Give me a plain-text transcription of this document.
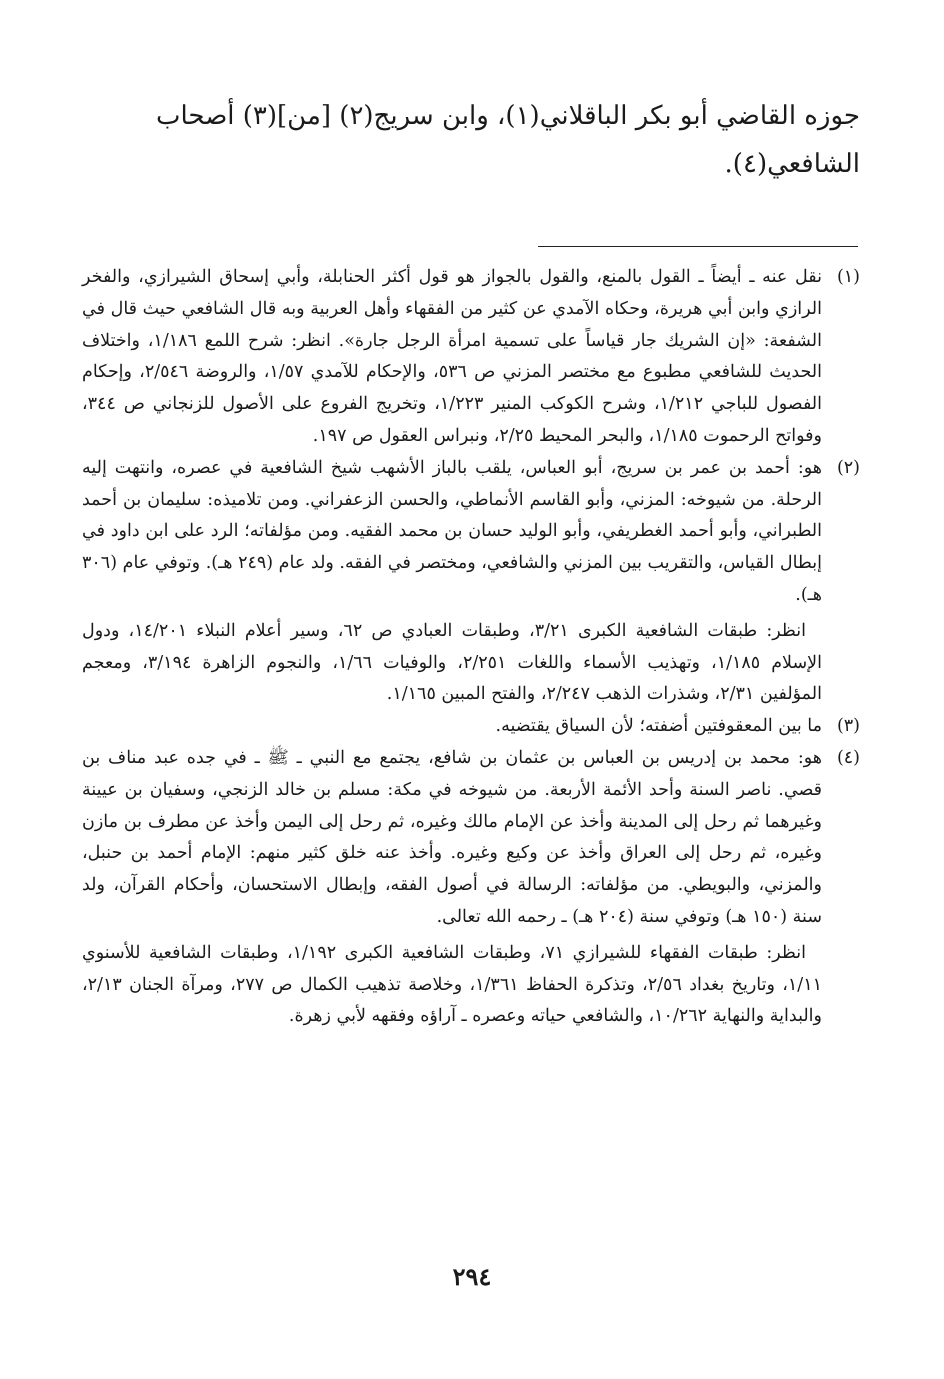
جوزه القاضي أبو بكر الباقلاني(١)، وابن سريج(٢) [من](٣) أصحاب
الشافعي(٤).
(١)

نقل عنه ـ أيضاً ـ القول بالمنع، والقول بالجواز هو قول أكثر الحنابلة، وأبي إسحاق الشيرازي، والفخر الرازي وابن أبي هريرة، وحكاه الآمدي عن كثير من الفقهاء وأهل العربية وبه قال الشافعي حيث قال في الشفعة: «إن الشريك جار قياساً على تسمية امرأة الرجل جارة». انظر: شرح اللمع ١/١٨٦، واختلاف الحديث للشافعي مطبوع مع مختصر المزني ص ٥٣٦، والإحكام للآمدي ١/٥٧، والروضة ٢/٥٤٦، وإحكام الفصول للباجي ١/٢١٢، وشرح الكوكب المنير ١/٢٢٣، وتخريج الفروع على الأصول للزنجاني ص ٣٤٤، وفواتح الرحموت ١/١٨٥، والبحر المحيط ٢/٢٥، ونبراس العقول ص ١٩٧.

(٢)

هو: أحمد بن عمر بن سريج، أبو العباس، يلقب بالباز الأشهب شيخ الشافعية في عصره، وانتهت إليه الرحلة. من شيوخه: المزني، وأبو القاسم الأنماطي، والحسن الزعفراني. ومن تلاميذه: سليمان بن أحمد الطبراني، وأبو أحمد الغطريفي، وأبو الوليد حسان بن محمد الفقيه. ومن مؤلفاته؛ الرد على ابن داود في إبطال القياس، والتقريب بين المزني والشافعي، ومختصر في الفقه. ولد عام (٢٤٩ هـ). وتوفي عام (٣٠٦ هـ).

انظر: طبقات الشافعية الكبرى ٣/٢١، وطبقات العبادي ص ٦٢، وسير أعلام النبلاء ١٤/٢٠١، ودول الإسلام ١/١٨٥، وتهذيب الأسماء واللغات ٢/٢٥١، والوفيات ١/٦٦، والنجوم الزاهرة ٣/١٩٤، ومعجم المؤلفين ٢/٣١، وشذرات الذهب ٢/٢٤٧، والفتح المبين ١/١٦٥.

(٣)

ما بين المعقوفتين أضفته؛ لأن السياق يقتضيه.

(٤)

هو: محمد بن إدريس بن العباس بن عثمان بن شافع، يجتمع مع النبي ـ ﷺ ـ في جده عبد مناف بن قصي. ناصر السنة وأحد الأئمة الأربعة. من شيوخه في مكة: مسلم بن خالد الزنجي، وسفيان بن عيينة وغيرهما ثم رحل إلى المدينة وأخذ عن الإمام مالك وغيره، ثم رحل إلى اليمن وأخذ عن مطرف بن مازن وغيره، ثم رحل إلى العراق وأخذ عن وكيع وغيره. وأخذ عنه خلق كثير منهم: الإمام أحمد بن حنبل، والمزني، والبويطي. من مؤلفاته: الرسالة في أصول الفقه، وإبطال الاستحسان، وأحكام القرآن، ولد سنة (١٥٠ هـ) وتوفي سنة (٢٠٤ هـ) ـ رحمه الله تعالى.

انظر: طبقات الفقهاء للشيرازي ٧١، وطبقات الشافعية الكبرى ١/١٩٢، وطبقات الشافعية للأسنوي ١/١١، وتاريخ بغداد ٢/٥٦، وتذكرة الحفاظ ١/٣٦١، وخلاصة تذهيب الكمال ص ٢٧٧، ومرآة الجنان ٢/١٣، والبداية والنهاية ١٠/٢٦٢، والشافعي حياته وعصره ـ آراؤه وفقهه لأبي زهرة.

٢٩٤
